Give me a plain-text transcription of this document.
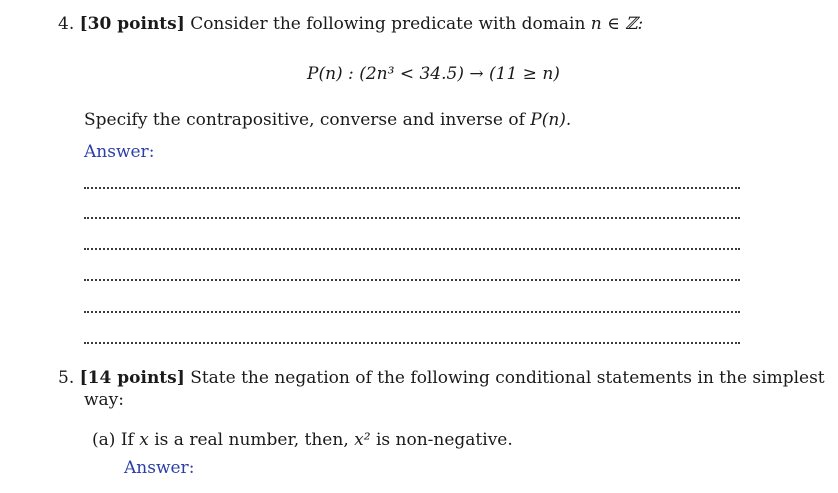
4. [30 points] Consider the following predicate with domain n ∈ ℤ:
P(n) : (2n³ < 34.5) → (11 ≥ n)
Specify the contrapositive, converse and inverse of P(n).
Answer:
5. [14 points] State the negation of the following conditional statements in the simplest
way:
(a) If x is a real number, then, x² is non-negative.
Answer:
